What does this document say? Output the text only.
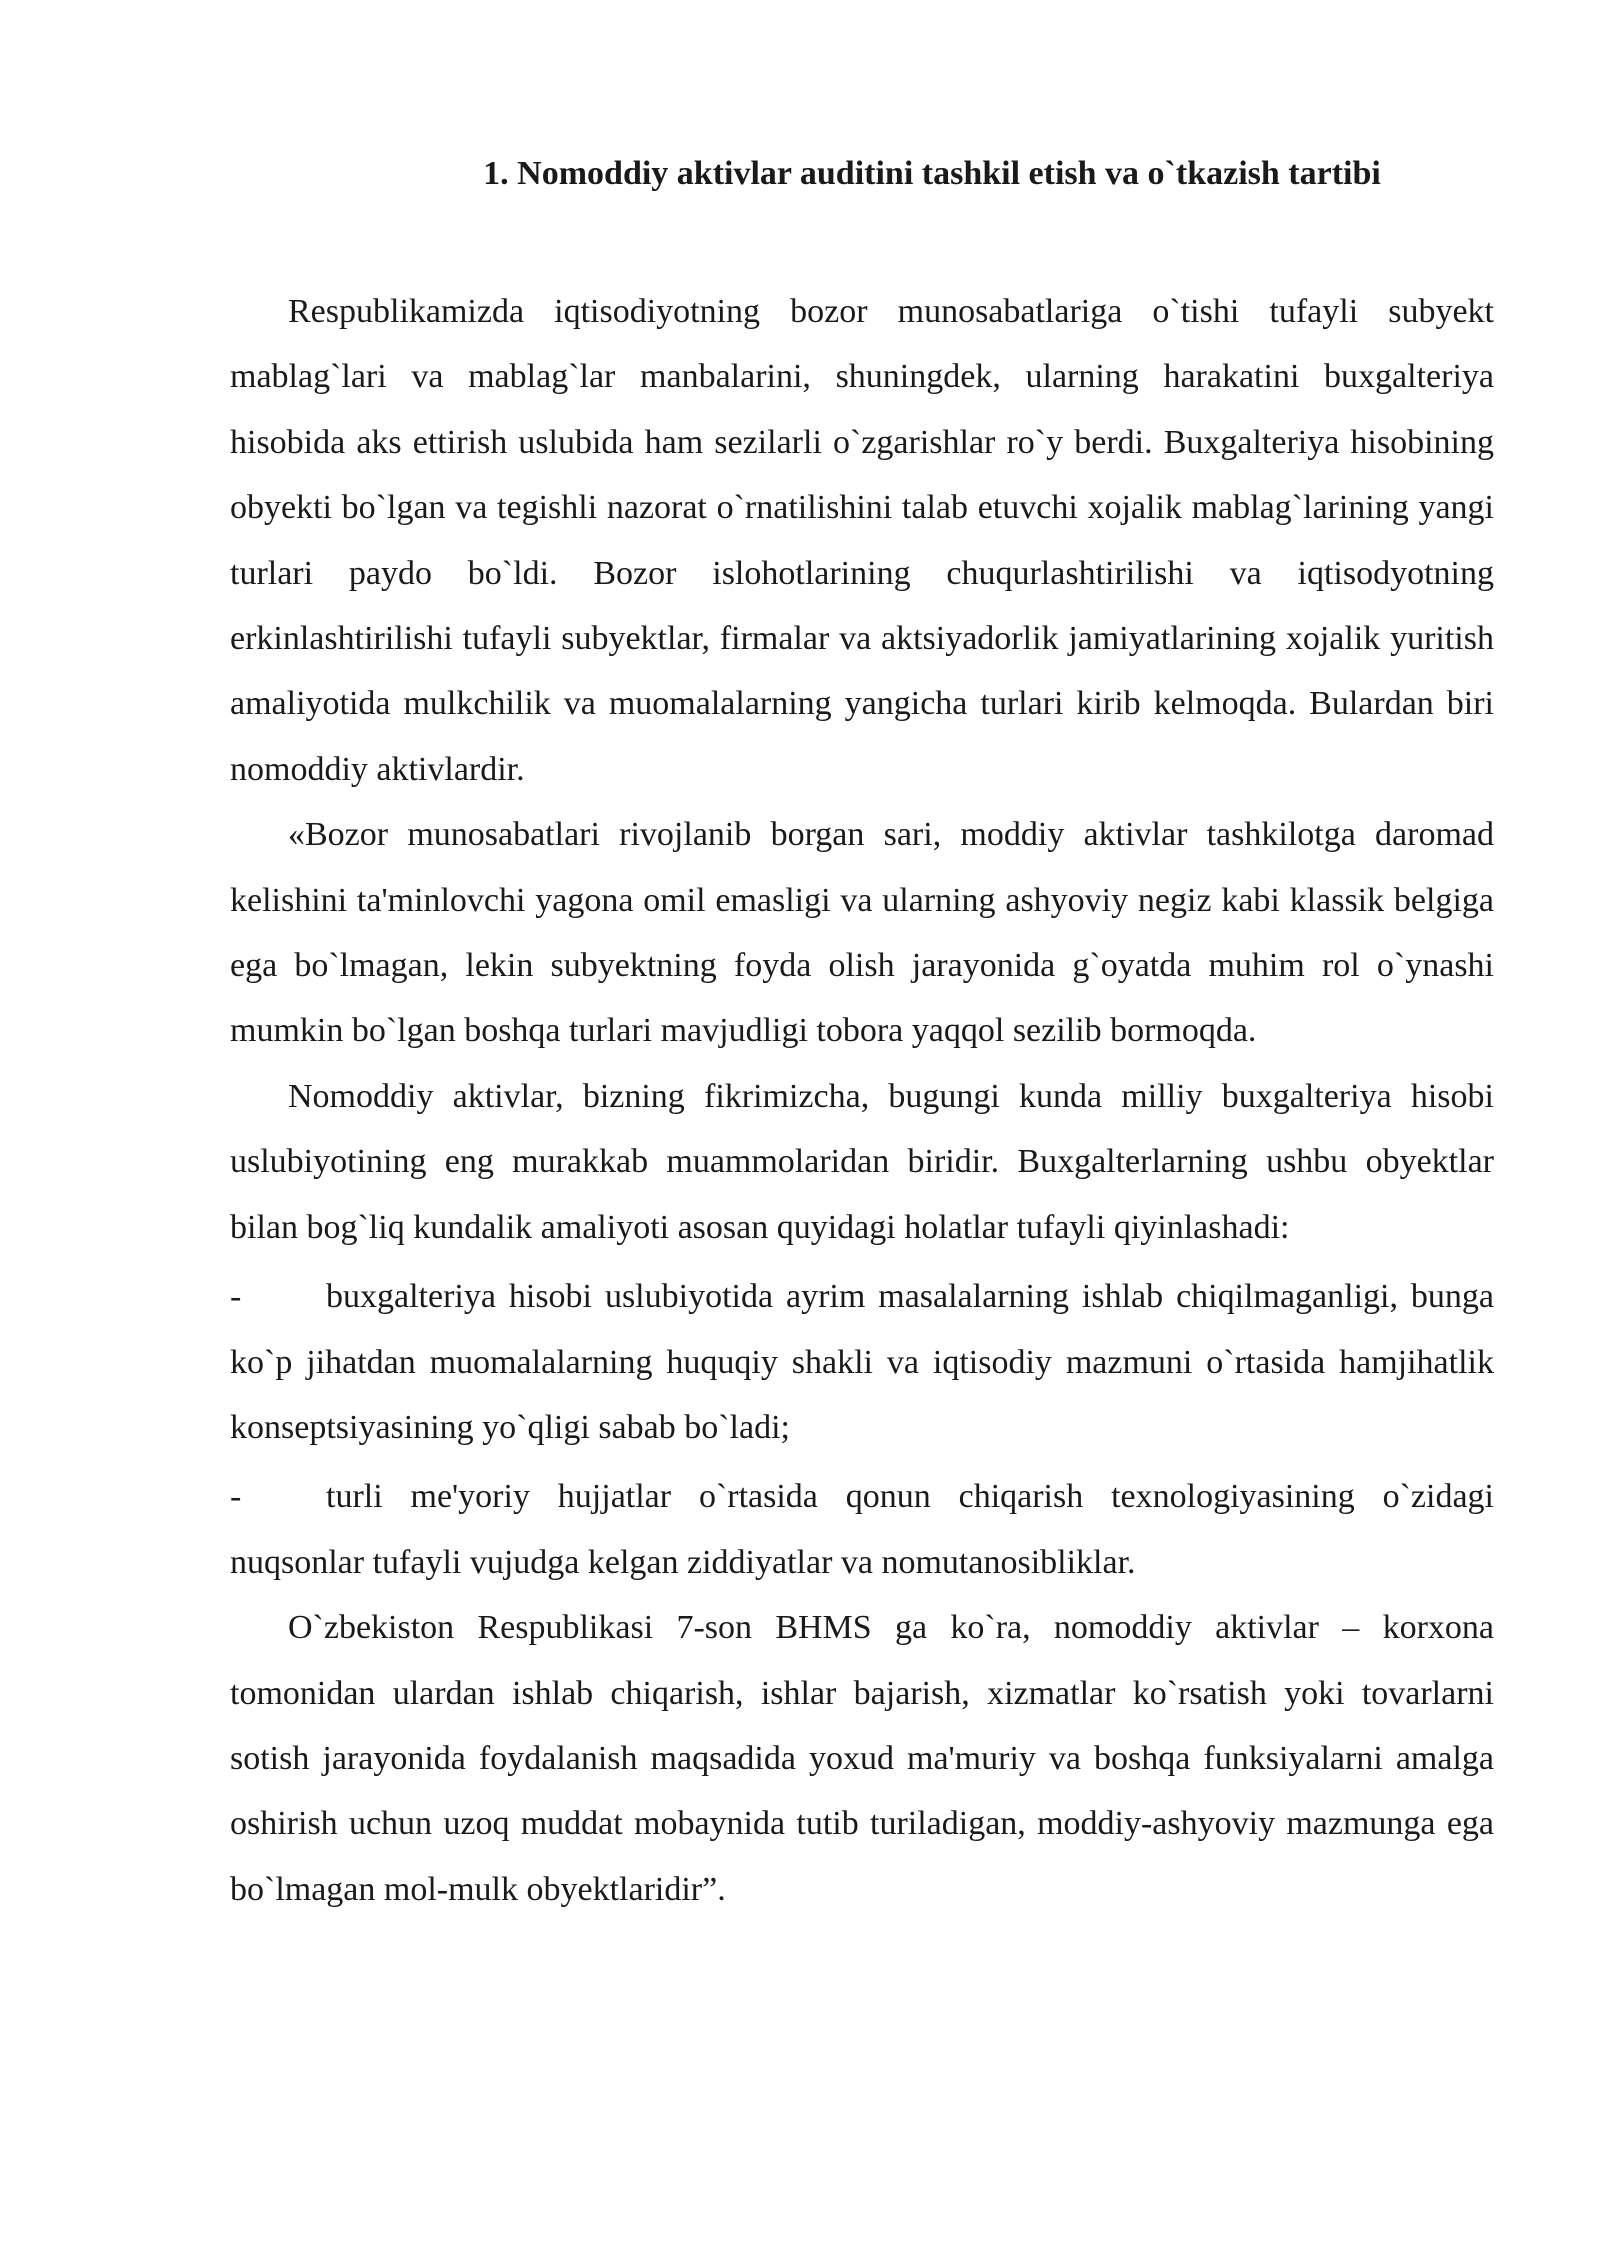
1. Nomoddiy aktivlar auditini tashkil etish va o`tkazish tartibi

Respublikamizda iqtisodiyotning bozor munosabatlariga o`tishi tufayli subyekt mablag`lari va mablag`lar manbalarini, shuningdek, ularning harakatini buxgalteriya hisobida aks ettirish uslubida ham sezilarli o`zgarishlar ro`y berdi. Buxgalteriya hisobining obyekti bo`lgan va tegishli nazorat o`rnatilishini talab etuvchi xojalik mablag`larining yangi turlari paydo bo`ldi. Bozor islohotlarining chuqurlashtirilishi va iqtisodyotning erkinlashtirilishi tufayli subyektlar, firmalar va aktsiyadorlik jamiyatlarining xojalik yuritish amaliyotida mulkchilik va muomalalarning yangicha turlari kirib kelmoqda. Bulardan biri nomoddiy aktivlardir.

«Bozor munosabatlari rivojlanib borgan sari, moddiy aktivlar tashkilotga daromad kelishini ta'minlovchi yagona omil emasligi va ularning ashyoviy negiz kabi klassik belgiga ega bo`lmagan, lekin subyektning foyda olish jarayonida g`oyatda muhim rol o`ynashi mumkin bo`lgan boshqa turlari mavjudligi tobora yaqqol sezilib bormoqda.

Nomoddiy aktivlar, bizning fikrimizcha, bugungi kunda milliy buxgalteriya hisobi uslubiyotining eng murakkab muammolaridan biridir. Buxgalterlarning ushbu obyektlar bilan bog`liq kundalik amaliyoti asosan quyidagi holatlar tufayli qiyinlashadi:

- buxgalteriya hisobi uslubiyotida ayrim masalalarning ishlab chiqilmaganligi, bunga ko`p jihatdan muomalalarning huquqiy shakli va iqtisodiy mazmuni o`rtasida hamjihatlik konseptsiyasining yo`qligi sabab bo`ladi;

- turli me'yoriy hujjatlar o`rtasida qonun chiqarish texnologiyasining o`zidagi nuqsonlar tufayli vujudga kelgan ziddiyatlar va nomutanosibliklar.

O`zbekiston Respublikasi 7-son BHMS ga ko`ra, nomoddiy aktivlar – korxona tomonidan ulardan ishlab chiqarish, ishlar bajarish, xizmatlar ko`rsatish yoki tovarlarni sotish jarayonida foydalanish maqsadida yoxud ma'muriy va boshqa funksiyalarni amalga oshirish uchun uzoq muddat mobaynida tutib turiladigan, moddiy-ashyoviy mazmunga ega bo`lmagan mol-mulk obyektlaridir”.
